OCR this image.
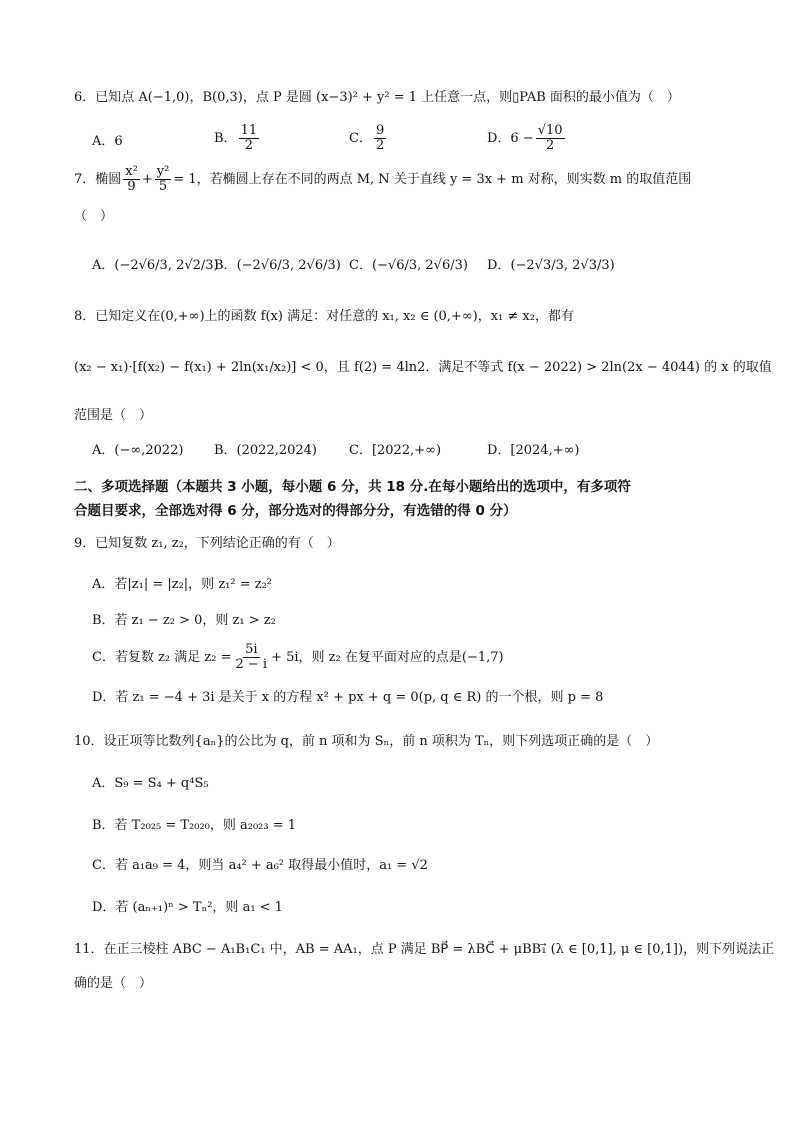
6．已知点 A(−1,0)，B(0,3)，点 P 是圆 (x−3)² + y² = 1 上任意一点，则▯PAB 面积的最小值为（　）
A．6	B． $\frac{11}{2}$	C． $\frac{9}{2}$	D．$6 - \frac{√10}{2}$
7．椭圆 $\frac{\text{x²}}{9} + \frac{\text{y²}}{5} = 1$，若椭圆上存在不同的两点 M, N 关于直线 y = 3x + m 对称，则实数 m 的取值范围
（　）
A．(−2√6/3, 2√2/3)
B．(−2√6/3, 2√6/3) C．(−√6/3, 2√6/3) D．(−2√3/3, 2√3/3)
8．已知定义在(0,+∞)上的函数 f(x) 满足：对任意的 x₁, x₂ ∈ (0,+∞)，x₁ ≠ x₂，都有
(x₂ − x₁)·[f(x₂) − f(x₁) + 2ln(x₁/x₂)] < 0，且 f(2) = 4ln2．满足不等式 f(x − 2022) > 2ln(2x − 4044) 的 x 的取值
范围是（　）
A．(−∞,2022) B．(2022,2024) C．[2022,+∞)	D．[2024,+∞)
二、多项选择题（本题共 3 小题，每小题 6 分，共 18 分.在每小题给出的选项中，有多项符
合题目要求，全部选对得 6 分，部分选对的得部分分，有选错的得 0 分）
9．已知复数 z₁, z₂，下列结论正确的有（　）
A．若|z₁| = |z₂|，则 z₁² = z₂²
B．若 z₁ − z₂ > 0，则 z₁ > z₂
C．若复数 z₂ 满足 $z_2 = \frac{5i}{2 - i} + 5i$，则 z₂ 在复平面对应的点是(−1,7)
D．若 z₁ = −4 + 3i 是关于 x 的方程 x² + px + q = 0(p, q ∈ R) 的一个根，则 p = 8
10．设正项等比数列{aₙ}的公比为 q，前 n 项和为 Sₙ，前 n 项积为 Tₙ，则下列选项正确的是（　）
A．S₉ = S₄ + q⁴S₅
B．若 T₂₀₂₅ = T₂₀₂₀，则 a₂₀₂₃ = 1
C．若 a₁a₉ = 4，则当 a₄² + a₆² 取得最小值时，a₁ = √2
D．若 (aₙ₊₁)ⁿ > Tₙ²，则 a₁ < 1
11．在正三棱柱 ABC − A₁B₁C₁ 中，AB = AA₁，点 P 满足 BP⃗ = λBC⃗ + μBB₁⃗ (λ ∈ [0,1], μ ∈ [0,1])，则下列说法正
确的是（　）
